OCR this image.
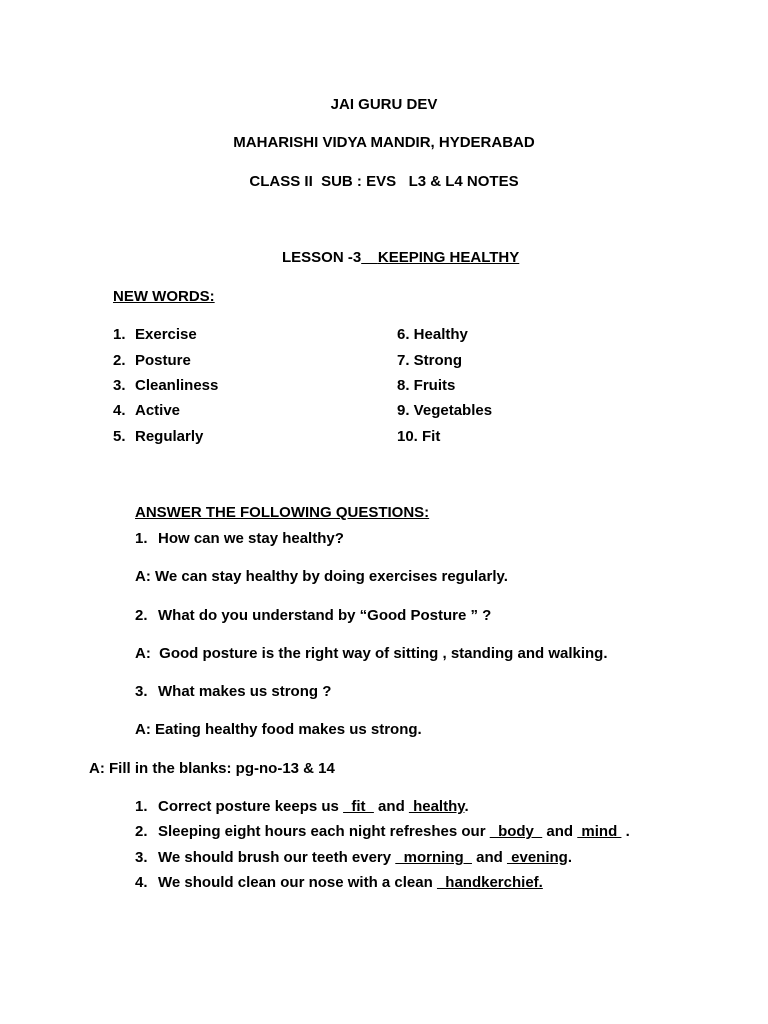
JAI GURU DEV
MAHARISHI VIDYA MANDIR, HYDERABAD
CLASS II  SUB : EVS   L3 & L4 NOTES
LESSON -3 KEEPING HEALTHY
NEW WORDS:
1. Exercise
2. Posture
3. Cleanliness
4. Active
5. Regularly
6. Healthy
7. Strong
8. Fruits
9. Vegetables
10. Fit
ANSWER THE FOLLOWING QUESTIONS:
1. How can we stay healthy?
A: We can stay healthy by doing exercises regularly.
2. What do you understand by “Good Posture ” ?
A:  Good posture is the right way of sitting , standing and walking.
3. What makes us strong ?
A: Eating healthy food makes us strong.
A: Fill in the blanks: pg-no-13 & 14
1. Correct posture keeps us   fit   and  healthy.
2. Sleeping eight hours each night refreshes our   body   and  mind  .
3. We should brush our teeth every   morning   and  evening.
4. We should clean our nose with a clean   handkerchief.
